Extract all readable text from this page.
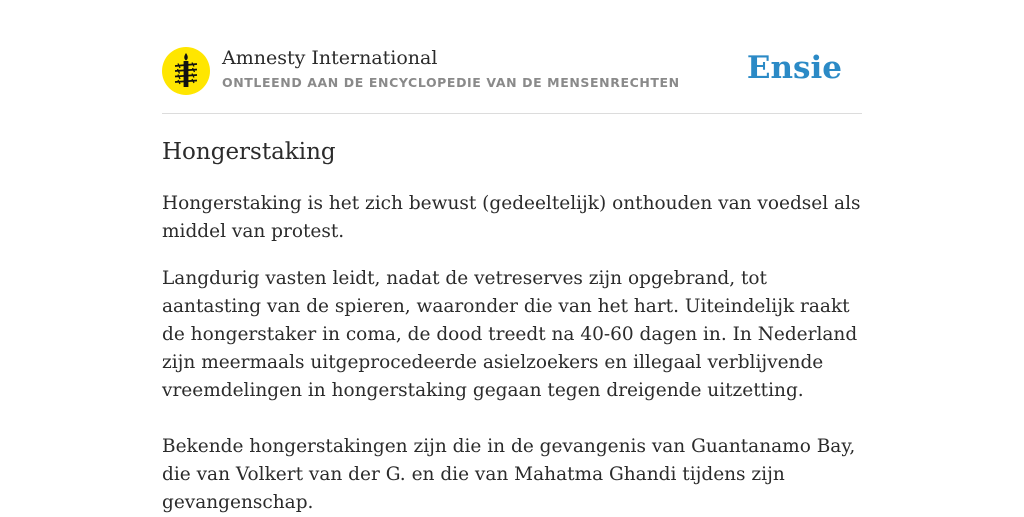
Amnesty International
ONTLEEND AAN DE ENCYCLOPEDIE VAN DE MENSENRECHTEN Ensie
Hongerstaking

Hongerstaking is het zich bewust (gedeeltelijk) onthouden van voedsel als middel van protest.

Langdurig vasten leidt, nadat de vetreserves zijn opgebrand, tot aantasting van de spieren, waaronder die van het hart. Uiteindelijk raakt de hongerstaker in coma, de dood treedt na 40-60 dagen in. In Nederland zijn meermaals uitgeprocedeerde asielzoekers en illegaal verblijvende vreemdelingen in hongerstaking gegaan tegen dreigende uitzetting.

Bekende hongerstakingen zijn die in de gevangenis van Guantanamo Bay, die van Volkert van der G. en die van Mahatma Ghandi tijdens zijn gevangenschap.
